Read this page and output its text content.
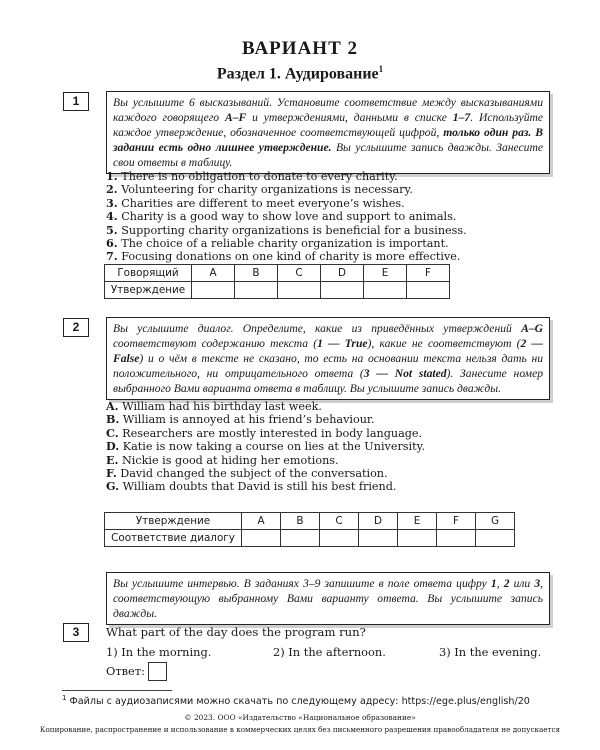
ВАРИАНТ 2
Раздел 1. Аудирование$^1$
1	Вы услышите 6 высказываний. Установите соответствие между высказываниями каждого говорящего A–F и утверждениями, данными в списке 1–7. Используйте каждое утверждение, обозначенное соответствующей цифрой, только один раз. В задании есть одно лишнее утверждение. Вы услышите запись дважды. Занесите свои ответы в таблицу.
1. There is no obligation to donate to every charity.
2. Volunteering for charity organizations is necessary.
3. Charities are different to meet everyone’s wishes.
4. Charity is a good way to show love and support to animals.
5. Supporting charity organizations is beneficial for a business.
6. The choice of a reliable charity organization is important.
7. Focusing donations on one kind of charity is more effective.
Говорящий	A	B	C	D	E	F
Утверждение						
2	Вы услышите диалог. Определите, какие из приведённых утверждений A–G соответствуют содержанию текста (1 — True), какие не соответствуют (2 — False) и о чём в тексте не сказано, то есть на основании текста нельзя дать ни положительного, ни отрицательного ответа (3 — Not stated). Занесите номер выбранного Вами варианта ответа в таблицу. Вы услышите запись дважды.
A. William had his birthday last week.
B. William is annoyed at his friend’s behaviour.
C. Researchers are mostly interested in body language.
D. Katie is now taking a course on lies at the University.
E. Nickie is good at hiding her emotions.
F. David changed the subject of the conversation.
G. William doubts that David is still his best friend.
Утверждение	A	B	C	D	E	F	G
Соответствие диалогу							
Вы услышите интервью. В заданиях 3–9 запишите в поле ответа цифру 1, 2 или 3, соответствующую выбранному Вами варианту ответа. Вы услышите запись дважды.
3	What part of the day does the program run?
1) In the morning.	2) In the afternoon.	3) In the evening.
Ответ:
$^1$ Файлы с аудиозаписями можно скачать по следующему адресу: https://ege.plus/english/20
© 2023. ООО «Издательство «Национальное образование»
Копирование, распространение и использование в коммерческих целях без письменного разрешения правообладателя не допускается
